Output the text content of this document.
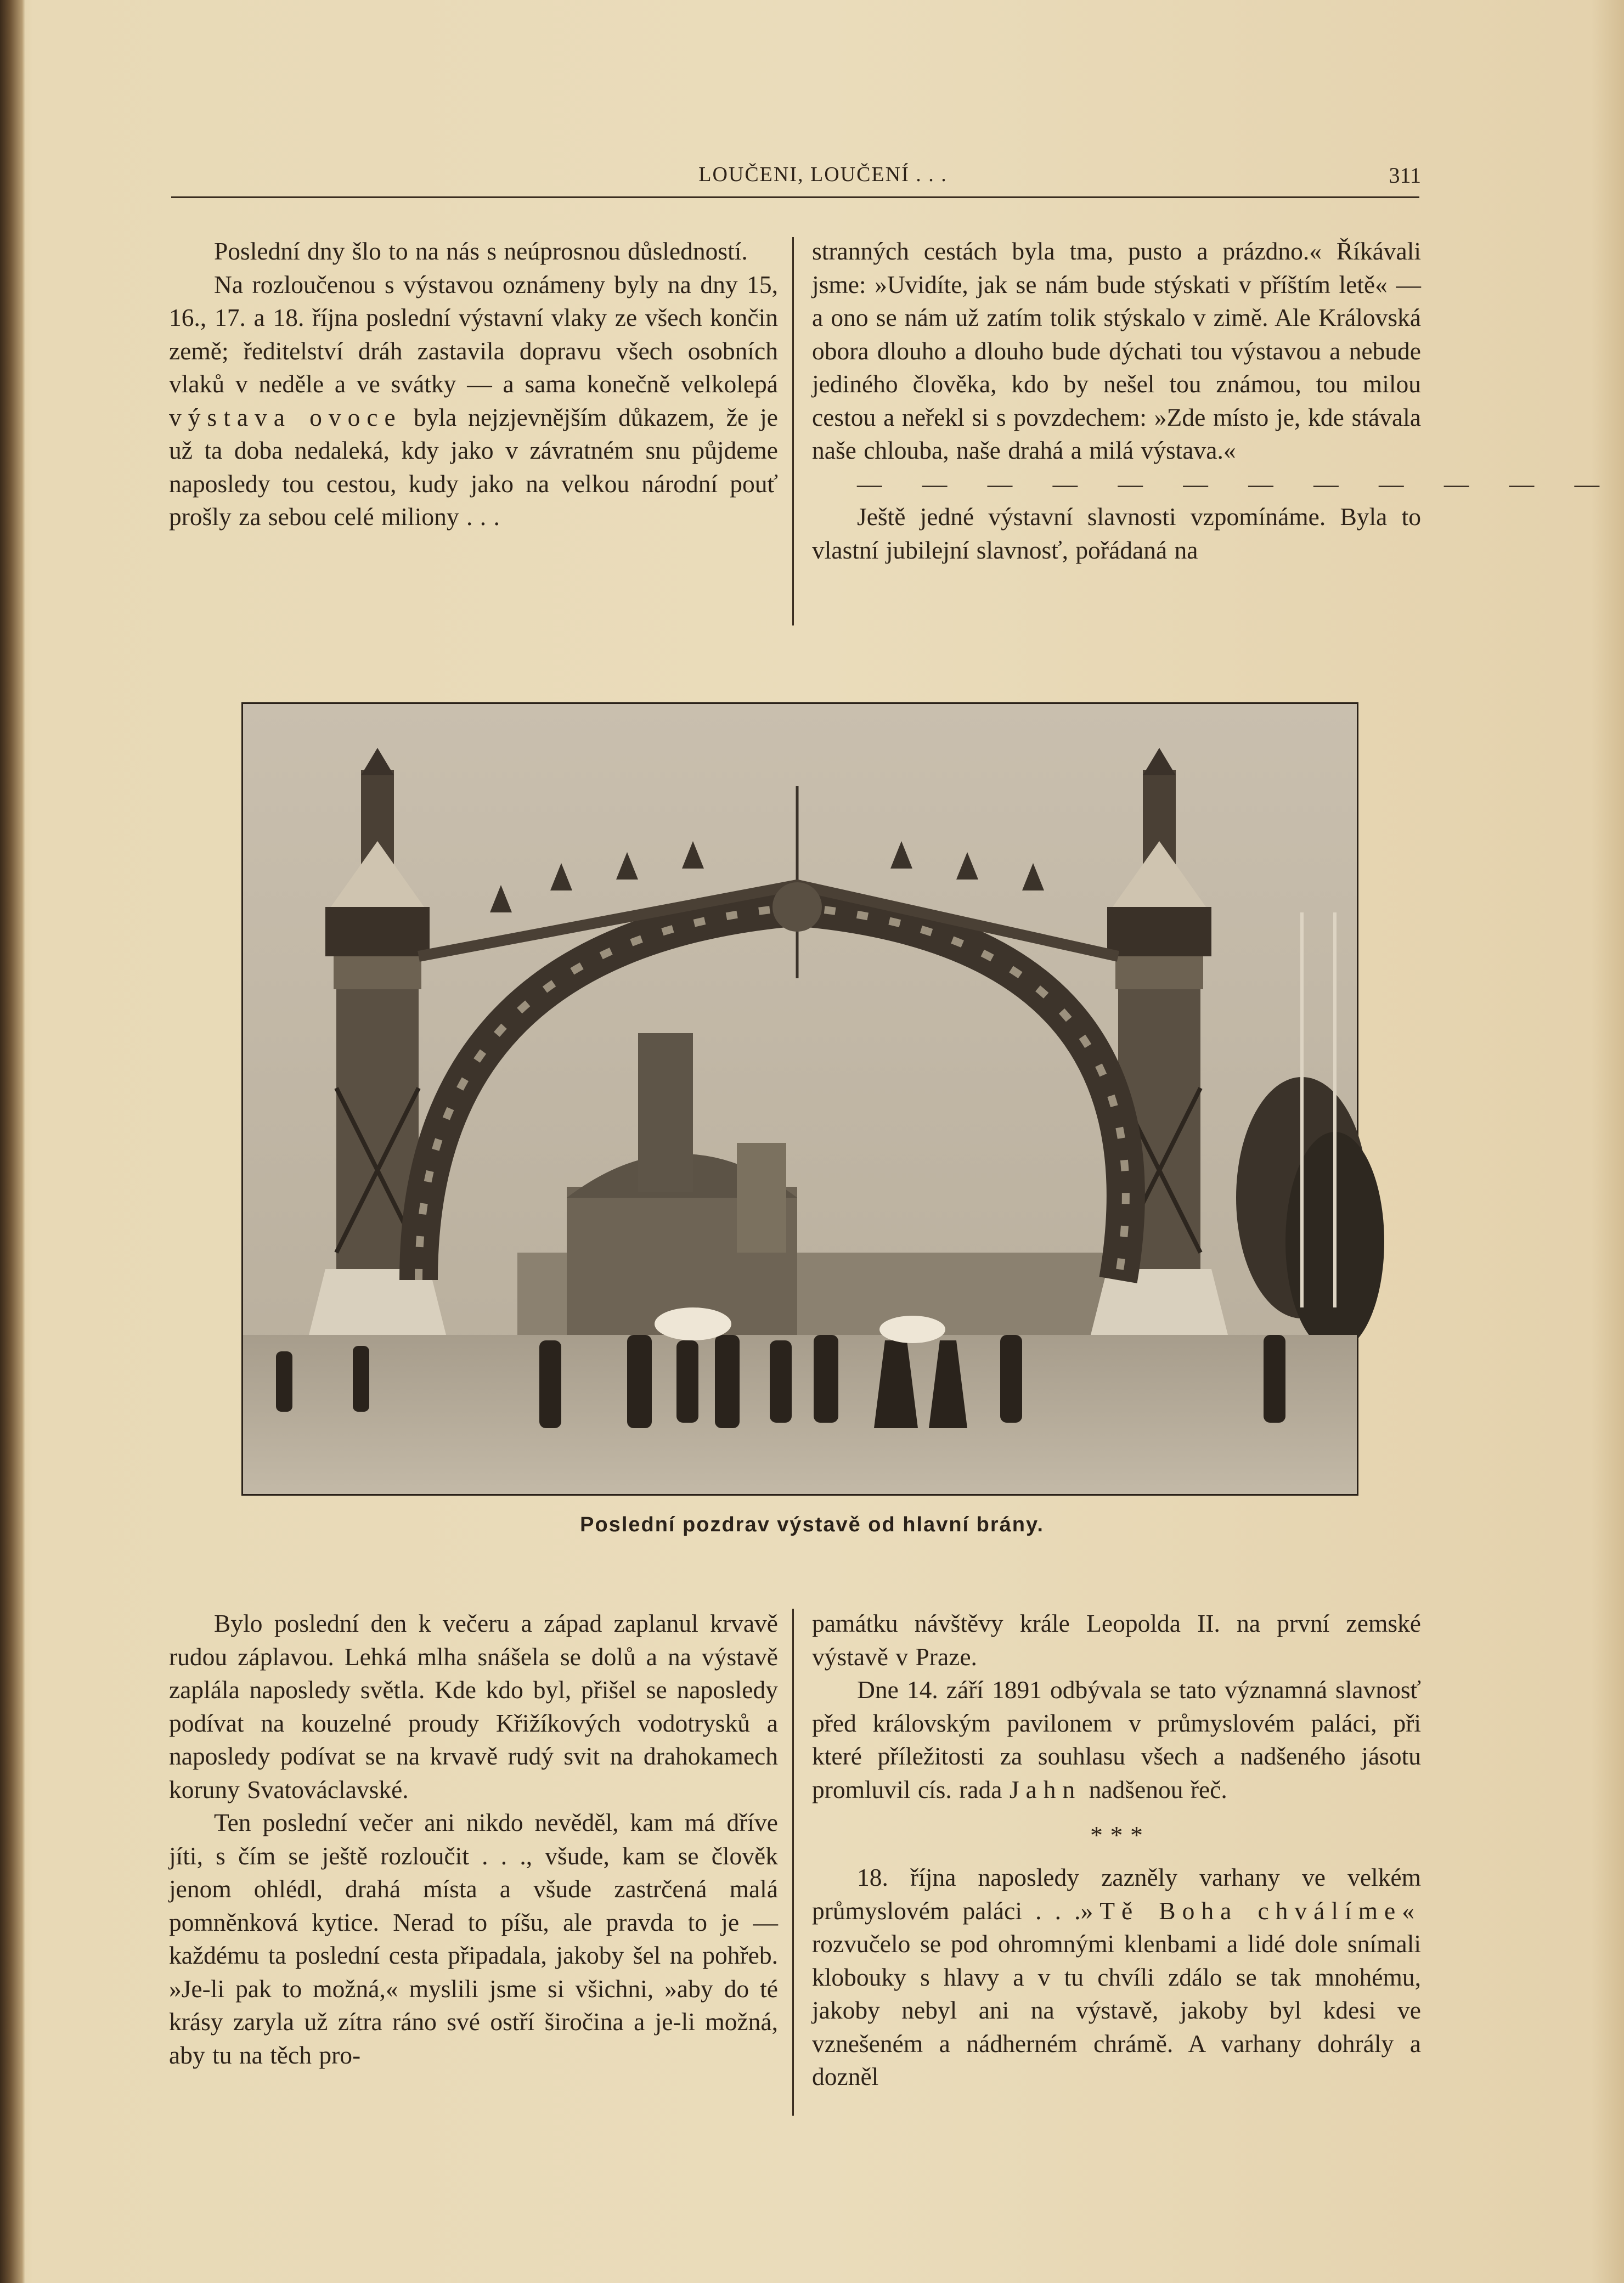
LOUČENI, LOUČENÍ . . .	311

Poslední dny šlo to na nás s neúprosnou důsledností.

Na rozloučenou s výstavou oznámeny byly na dny 15, 16., 17. a 18. října poslední výstavní vlaky ze všech končin země; ředitelství dráh zastavila dopravu všech osobních vlaků v neděle a ve svátky — a sama konečně velkolepá výstava ovoce byla nejzjevnějším důkazem, že je už ta doba nedaleká, kdy jako v závratném snu půjdeme naposledy tou cestou, kudy jako na velkou národní pouť prošly za sebou celé miliony . . .

stranných cestách byla tma, pusto a prázdno.« Říkávali jsme: »Uvidíte, jak se nám bude stýskati v příštím letě« — a ono se nám už zatím tolik stýskalo v zimě. Ale Královská obora dlouho a dlouho bude dýchati tou výstavou a nebude jediného člověka, kdo by nešel tou známou, tou milou cestou a neřekl si s povzdechem: »Zde místo je, kde stávala naše chlouba, naše drahá a milá výstava.«

— — — — — — — — — — — —

Ještě jedné výstavní slavnosti vzpomínáme. Byla to vlastní jubilejní slavnosť, pořádaná na

Poslední pozdrav výstavě od hlavní brány.

Bylo poslední den k večeru a západ zaplanul krvavě rudou záplavou. Lehká mlha snášela se dolů a na výstavě zaplála naposledy světla. Kde kdo byl, přišel se naposledy podívat na kouzelné proudy Křižíkových vodotrysků a naposledy podívat se na krvavě rudý svit na drahokamech koruny Svatováclavské.

Ten poslední večer ani nikdo nevěděl, kam má dříve jíti, s čím se ještě rozloučit . . ., všude, kam se člověk jenom ohlédl, drahá místa a všude zastrčená malá pomněnková kytice. Nerad to píšu, ale pravda to je — každému ta poslední cesta připadala, jakoby šel na pohřeb. »Je-li pak to možná,« myslili jsme si všichni, »aby do té krásy zaryla už zítra ráno své ostří širočina a je-li možná, aby tu na těch pro-

památku návštěvy krále Leopolda II. na první zemské výstavě v Praze.

Dne 14. září 1891 odbývala se tato významná slavnosť před královským pavilonem v průmyslovém paláci, při které příležitosti za souhlasu všech a nadšeného jásotu promluvil cís. rada Jahn nadšenou řeč.

* * *

18. října naposledy zazněly varhany ve velkém průmyslovém paláci . . .»Tě Boha chválíme« rozvučelo se pod ohromnými klenbami a lidé dole snímali klobouky s hlavy a v tu chvíli zdálo se tak mnohému, jakoby nebyl ani na výstavě, jakoby byl kdesi ve vznešeném a nádherném chrámě. A varhany dohrály a dozněl
